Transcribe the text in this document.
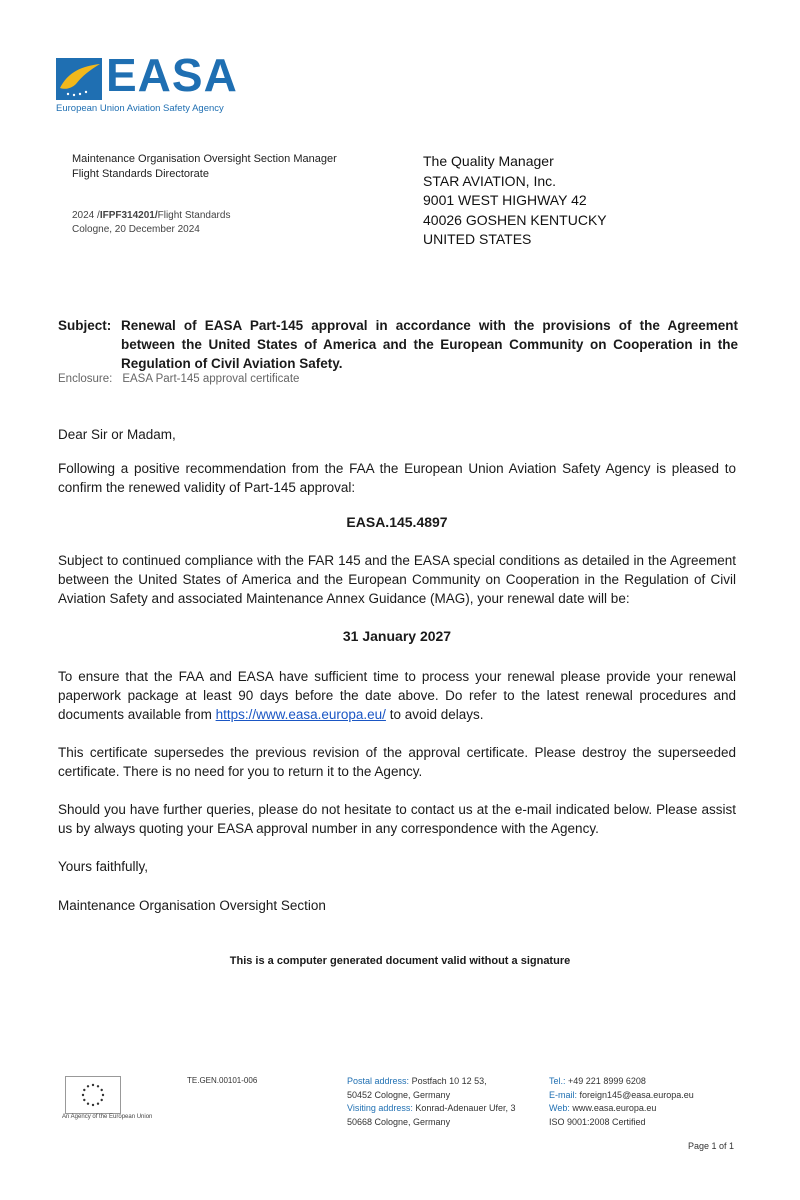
EASA
European Union Aviation Safety Agency
Maintenance Organisation Oversight Section Manager
Flight Standards Directorate
2024 /IFPF314201/Flight Standards
Cologne, 20 December 2024
The Quality Manager
STAR AVIATION, Inc.
9001 WEST HIGHWAY 42
40026 GOSHEN KENTUCKY
UNITED STATES
Subject: Renewal of EASA Part-145 approval in accordance with the provisions of the Agreement between the United States of America and the European Community on Cooperation in the Regulation of Civil Aviation Safety.
Enclosure: EASA Part-145 approval certificate
Dear Sir or Madam,
Following a positive recommendation from the FAA the European Union Aviation Safety Agency is pleased to confirm the renewed validity of Part-145 approval:
EASA.145.4897
Subject to continued compliance with the FAR 145 and the EASA special conditions as detailed in the Agreement between the United States of America and the European Community on Cooperation in the Regulation of Civil Aviation Safety and associated Maintenance Annex Guidance (MAG), your renewal date will be:
31 January 2027
To ensure that the FAA and EASA have sufficient time to process your renewal please provide your renewal paperwork package at least 90 days before the date above. Do refer to the latest renewal procedures and documents available from https://www.easa.europa.eu/ to avoid delays.
This certificate supersedes the previous revision of the approval certificate. Please destroy the superseeded certificate. There is no need for you to return it to the Agency.
Should you have further queries, please do not hesitate to contact us at the e-mail indicated below. Please assist us by always quoting your EASA approval number in any correspondence with the Agency.
Yours faithfully,
Maintenance Organisation Oversight Section
This is a computer generated document valid without a signature
An Agency of the European Union
TE.GEN.00101-006	Postal address: Postfach 10 12 53,
50452 Cologne, Germany
Visiting address: Konrad-Adenauer Ufer, 3
50668 Cologne, Germany
Tel.: +49 221 8999 6208
E-mail: foreign145@easa.europa.eu
Web: www.easa.europa.eu
ISO 9001:2008 Certified
Page 1 of 1
